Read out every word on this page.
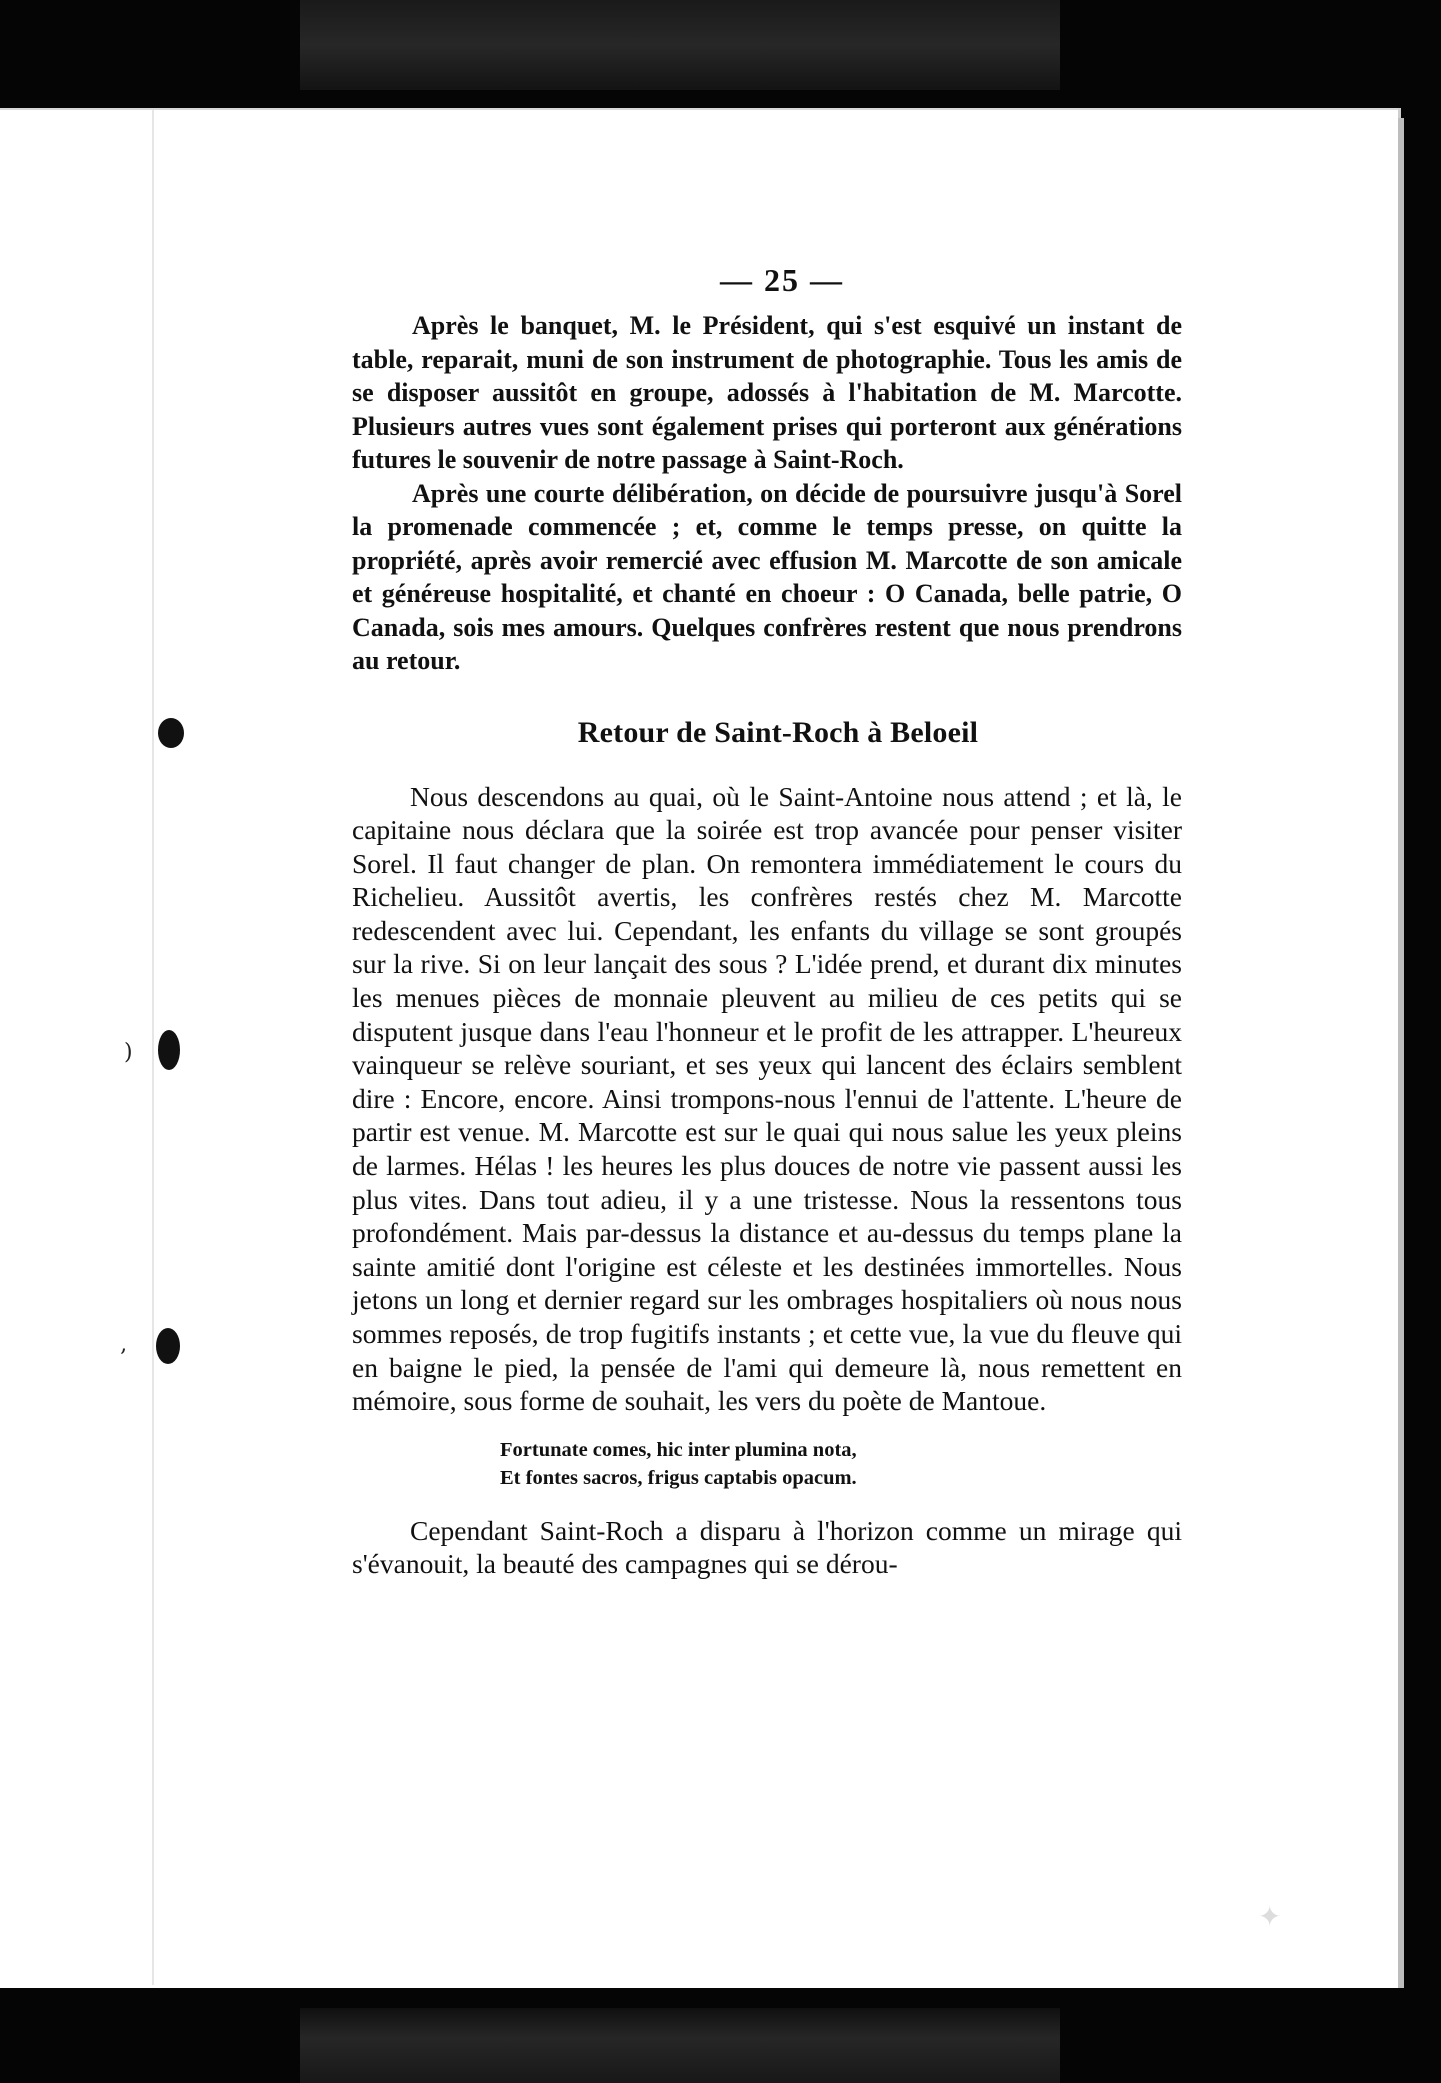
)
‚
✦
— 25 —

Après le banquet, M. le Président, qui s'est esquivé un instant de table, reparait, muni de son instrument de photographie. Tous les amis de se disposer aussitôt en groupe, adossés à l'habitation de M. Marcotte. Plusieurs autres vues sont également prises qui porteront aux générations futures le souvenir de notre passage à Saint-Roch.

Après une courte délibération, on décide de poursuivre jusqu'à Sorel la promenade commencée ; et, comme le temps presse, on quitte la propriété, après avoir remercié avec effusion M. Marcotte de son amicale et généreuse hospitalité, et chanté en choeur : O Canada, belle patrie, O Canada, sois mes amours. Quelques confrères restent que nous prendrons au retour.

Retour de Saint-Roch à Beloeil

Nous descendons au quai, où le Saint-Antoine nous attend ; et là, le capitaine nous déclara que la soirée est trop avancée pour penser visiter Sorel. Il faut changer de plan. On remontera immédiatement le cours du Richelieu. Aussitôt avertis, les confrères restés chez M. Marcotte redescendent avec lui. Cependant, les enfants du village se sont groupés sur la rive. Si on leur lançait des sous ? L'idée prend, et durant dix minutes les menues pièces de monnaie pleuvent au milieu de ces petits qui se disputent jusque dans l'eau l'honneur et le profit de les attrapper. L'heureux vainqueur se relève souriant, et ses yeux qui lancent des éclairs semblent dire : Encore, encore. Ainsi trompons-nous l'ennui de l'attente. L'heure de partir est venue. M. Marcotte est sur le quai qui nous salue les yeux pleins de larmes. Hélas ! les heures les plus douces de notre vie passent aussi les plus vites. Dans tout adieu, il y a une tristesse. Nous la ressentons tous profondément. Mais par-dessus la distance et au-dessus du temps plane la sainte amitié dont l'origine est céleste et les destinées immortelles. Nous jetons un long et dernier regard sur les ombrages hospitaliers où nous nous sommes reposés, de trop fugitifs instants ; et cette vue, la vue du fleuve qui en baigne le pied, la pensée de l'ami qui demeure là, nous remettent en mémoire, sous forme de souhait, les vers du poète de Mantoue.

Fortunate comes, hic inter plumina nota,
Et fontes sacros, frigus captabis opacum.

Cependant Saint-Roch a disparu à l'horizon comme un mirage qui s'évanouit, la beauté des campagnes qui se dérou-
